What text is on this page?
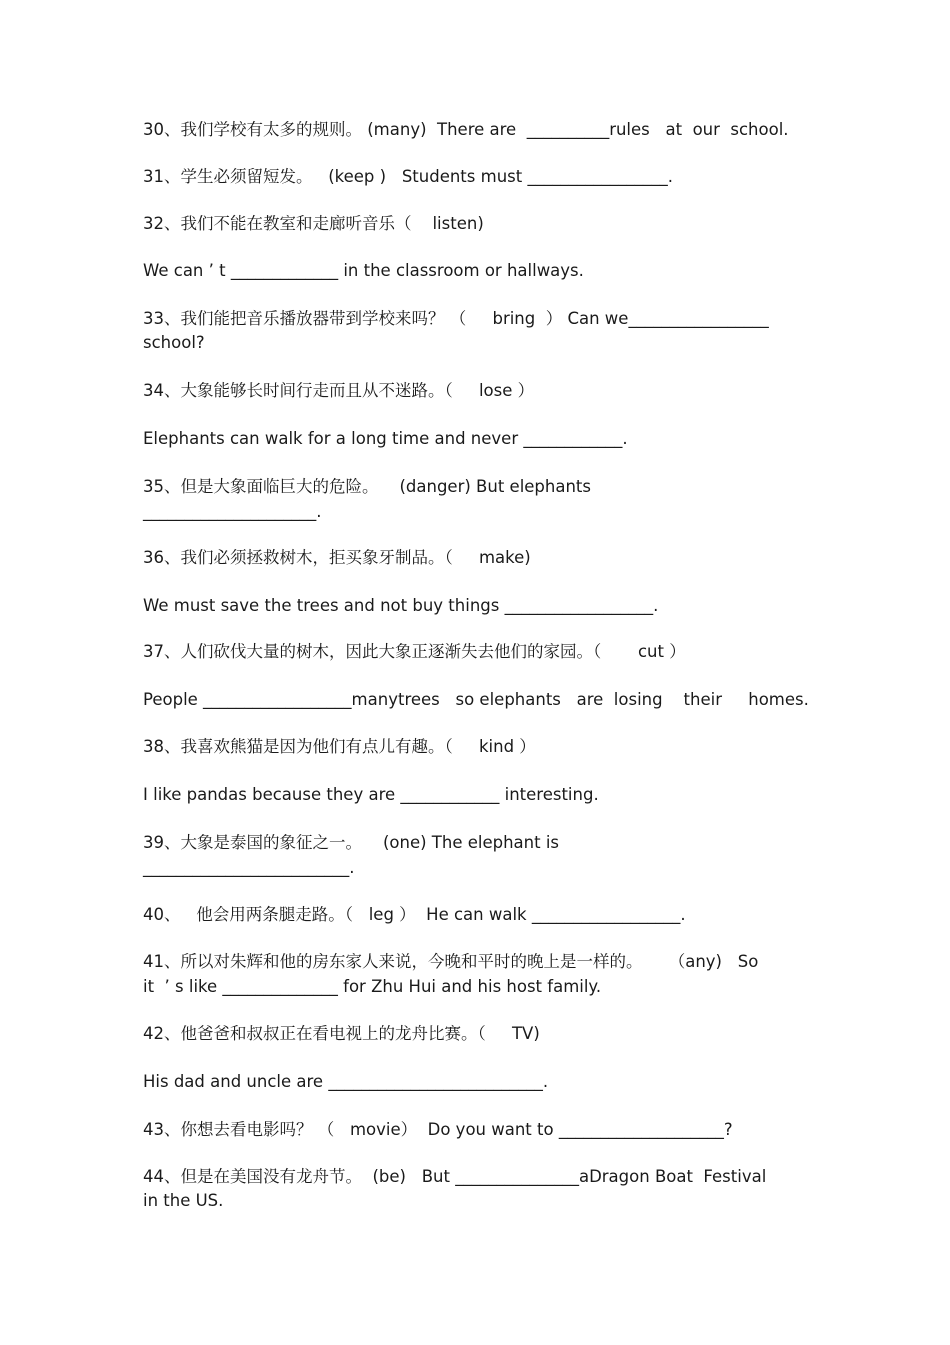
30、我们学校有太多的规则。 (many)  There are  __________rules   at  our  school.
31、学生必须留短发。   (keep )   Students must _________________.
32、我们不能在教室和走廊听音乐（    listen)
We can ’ t _____________ in the classroom or hallways.
33、我们能把音乐播放器带到学校来吗？ （     bring  ） Can we_________________
school?
34、大象能够长时间行走而且从不迷路。（     lose ）
Elephants can walk for a long time and never ____________.
35、但是大象面临巨大的危险。    (danger) But elephants
_____________________.
36、我们必须拯救树木，拒买象牙制品。（     make)
We must save the trees and not buy things __________________.
37、人们砍伐大量的树木，因此大象正逐渐失去他们的家园。（       cut ）
People __________________manytrees   so elephants   are  losing    their     homes.
38、我喜欢熊猫是因为他们有点儿有趣。（     kind ）
I like pandas because they are ____________ interesting.
39、大象是泰国的象征之一。    (one) The elephant is
_________________________.
40、   他会用两条腿走路。（   leg ）  He can walk __________________.
41、所以对朱辉和他的房东家人来说，今晚和平时的晚上是一样的。     （any)   So
it  ’ s like ______________ for Zhu Hui and his host family.
42、他爸爸和叔叔正在看电视上的龙舟比赛。（     TV)
His dad and uncle are __________________________.
43、你想去看电影吗？ （   movie）  Do you want to ____________________?
44、但是在美国没有龙舟节。  (be)   But _______________aDragon Boat  Festival
in the US.
